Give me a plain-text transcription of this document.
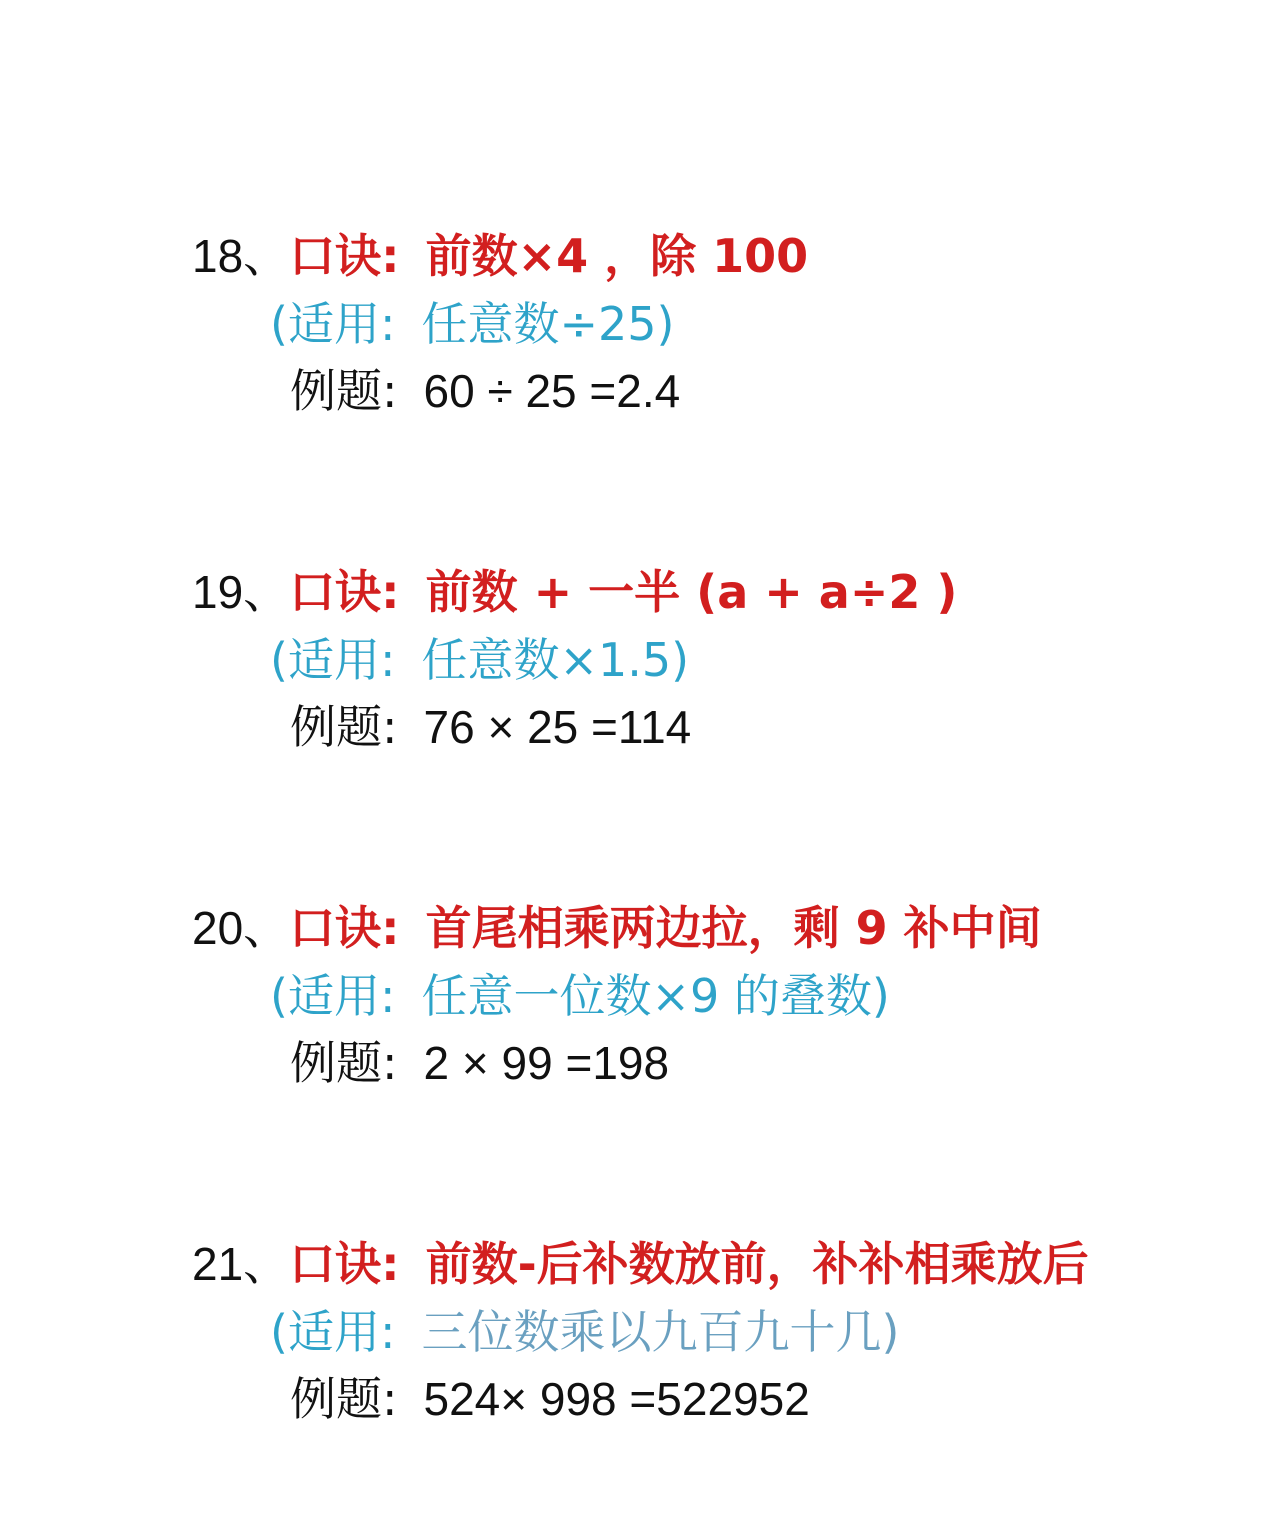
18、口诀: 前数×4 ，除 100
(适用: 任意数÷25)
例题: 60 ÷ 25 =2.4
19、口诀: 前数 + 一半 (a + a÷2 )
(适用: 任意数×1.5)
例题: 76 × 25 =114
20、口诀: 首尾相乘两边拉，剩 9 补中间
(适用: 任意一位数×9 的叠数)
例题: 2 × 99 =198
21、口诀: 前数-后补数放前，补补相乘放后
(适用: 三位数乘以九百九十几)
例题: 524× 998 =522952
